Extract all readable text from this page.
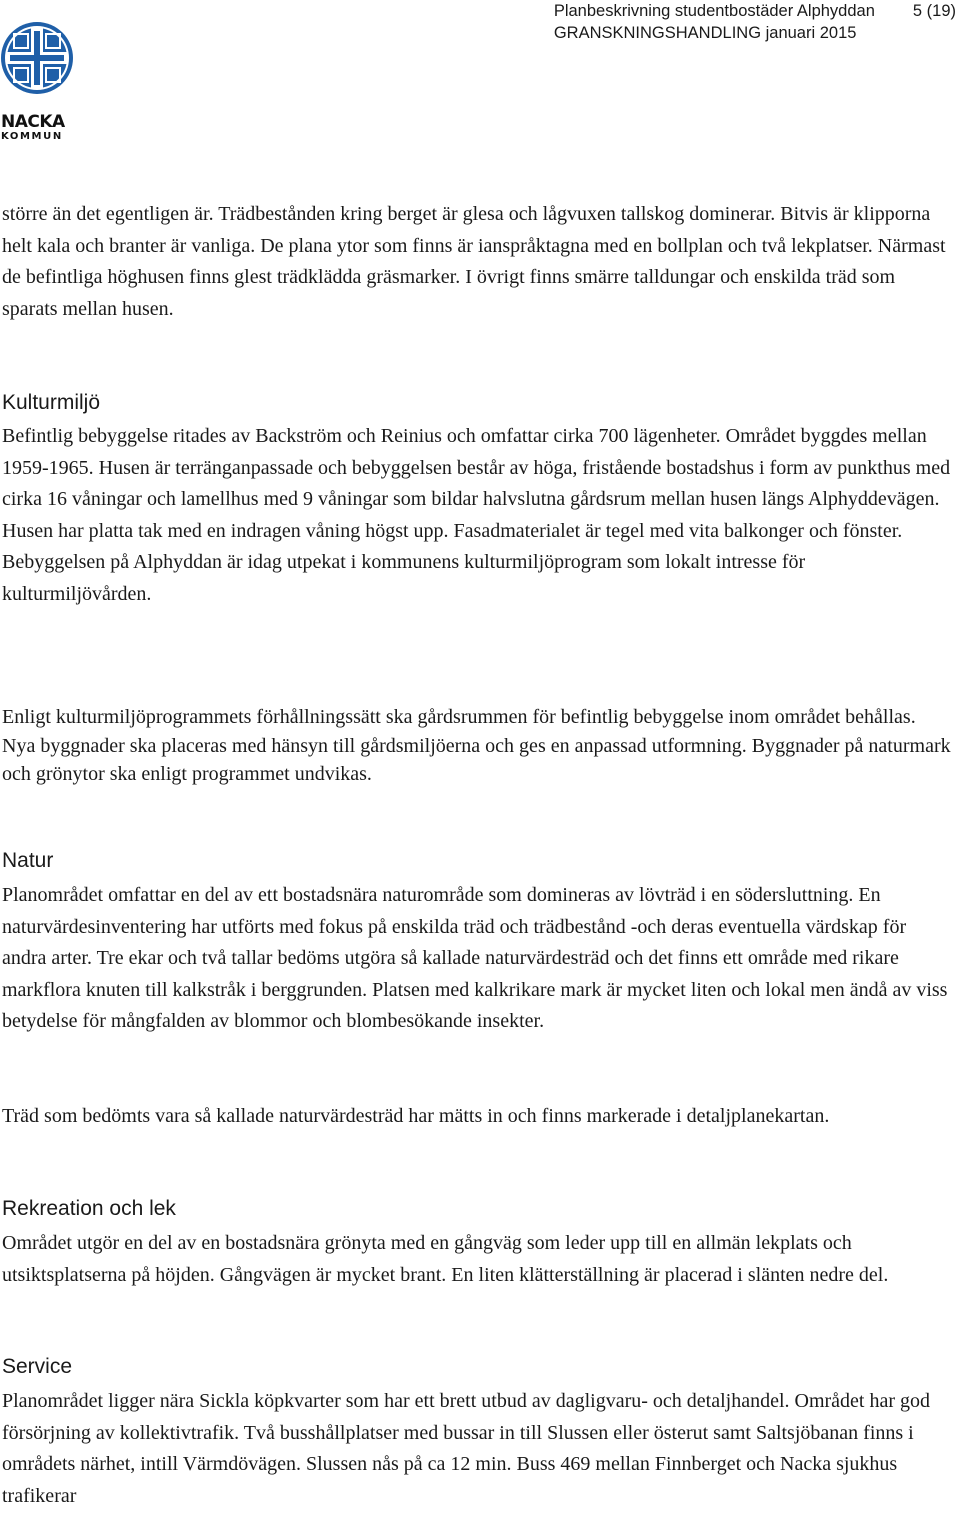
NACKA
KOMMUN
Planbeskrivning studentbostäder Alphyddan 5 (19)
GRANSKNINGSHANDLING januari 2015

större än det egentligen är. Trädbestånden kring berget är glesa och lågvuxen tallskog dominerar. Bitvis är klipporna helt kala och branter är vanliga. De plana ytor som finns är ianspråktagna med en bollplan och två lekplatser. Närmast de befintliga höghusen finns glest trädklädda gräsmarker. I övrigt finns smärre talldungar och enskilda träd som sparats mellan husen.

Kulturmiljö

Befintlig bebyggelse ritades av Backström och Reinius och omfattar cirka 700 lägenheter. Området byggdes mellan 1959-1965. Husen är terränganpassade och bebyggelsen består av höga, fristående bostadshus i form av punkthus med cirka 16 våningar och lamellhus med 9 våningar som bildar halvslutna gårdsrum mellan husen längs Alphyddevägen. Husen har platta tak med en indragen våning högst upp. Fasadmaterialet är tegel med vita balkonger och fönster.

Bebyggelsen på Alphyddan är idag utpekat i kommunens kulturmiljöprogram som lokalt intresse för kulturmiljövården.

Enligt kulturmiljöprogrammets förhållningssätt ska gårdsrummen för befintlig bebyggelse inom området behållas. Nya byggnader ska placeras med hänsyn till gårdsmiljöerna och ges en anpassad utformning. Byggnader på naturmark och grönytor ska enligt programmet undvikas.

Natur

Planområdet omfattar en del av ett bostadsnära naturområde som domineras av lövträd i en södersluttning. En naturvärdesinventering har utförts med fokus på enskilda träd och trädbestånd -och deras eventuella värdskap för andra arter. Tre ekar och två tallar bedöms utgöra så kallade naturvärdesträd och det finns ett område med rikare markflora knuten till kalkstråk i berggrunden. Platsen med kalkrikare mark är mycket liten och lokal men ändå av viss betydelse för mångfalden av blommor och blombesökande insekter.

Träd som bedömts vara så kallade naturvärdesträd har mätts in och finns markerade i detaljplanekartan.

Rekreation och lek

Området utgör en del av en bostadsnära grönyta med en gångväg som leder upp till en allmän lekplats och utsiktsplatserna på höjden. Gångvägen är mycket brant. En liten klätterställning är placerad i slänten nedre del.

Service

Planområdet ligger nära Sickla köpkvarter som har ett brett utbud av dagligvaru- och detaljhandel. Området har god försörjning av kollektivtrafik. Två busshållplatser med bussar in till Slussen eller österut samt Saltsjöbanan finns i områdets närhet, intill Värmdövägen. Slussen nås på ca 12 min. Buss 469 mellan Finnberget och Nacka sjukhus trafikerar
